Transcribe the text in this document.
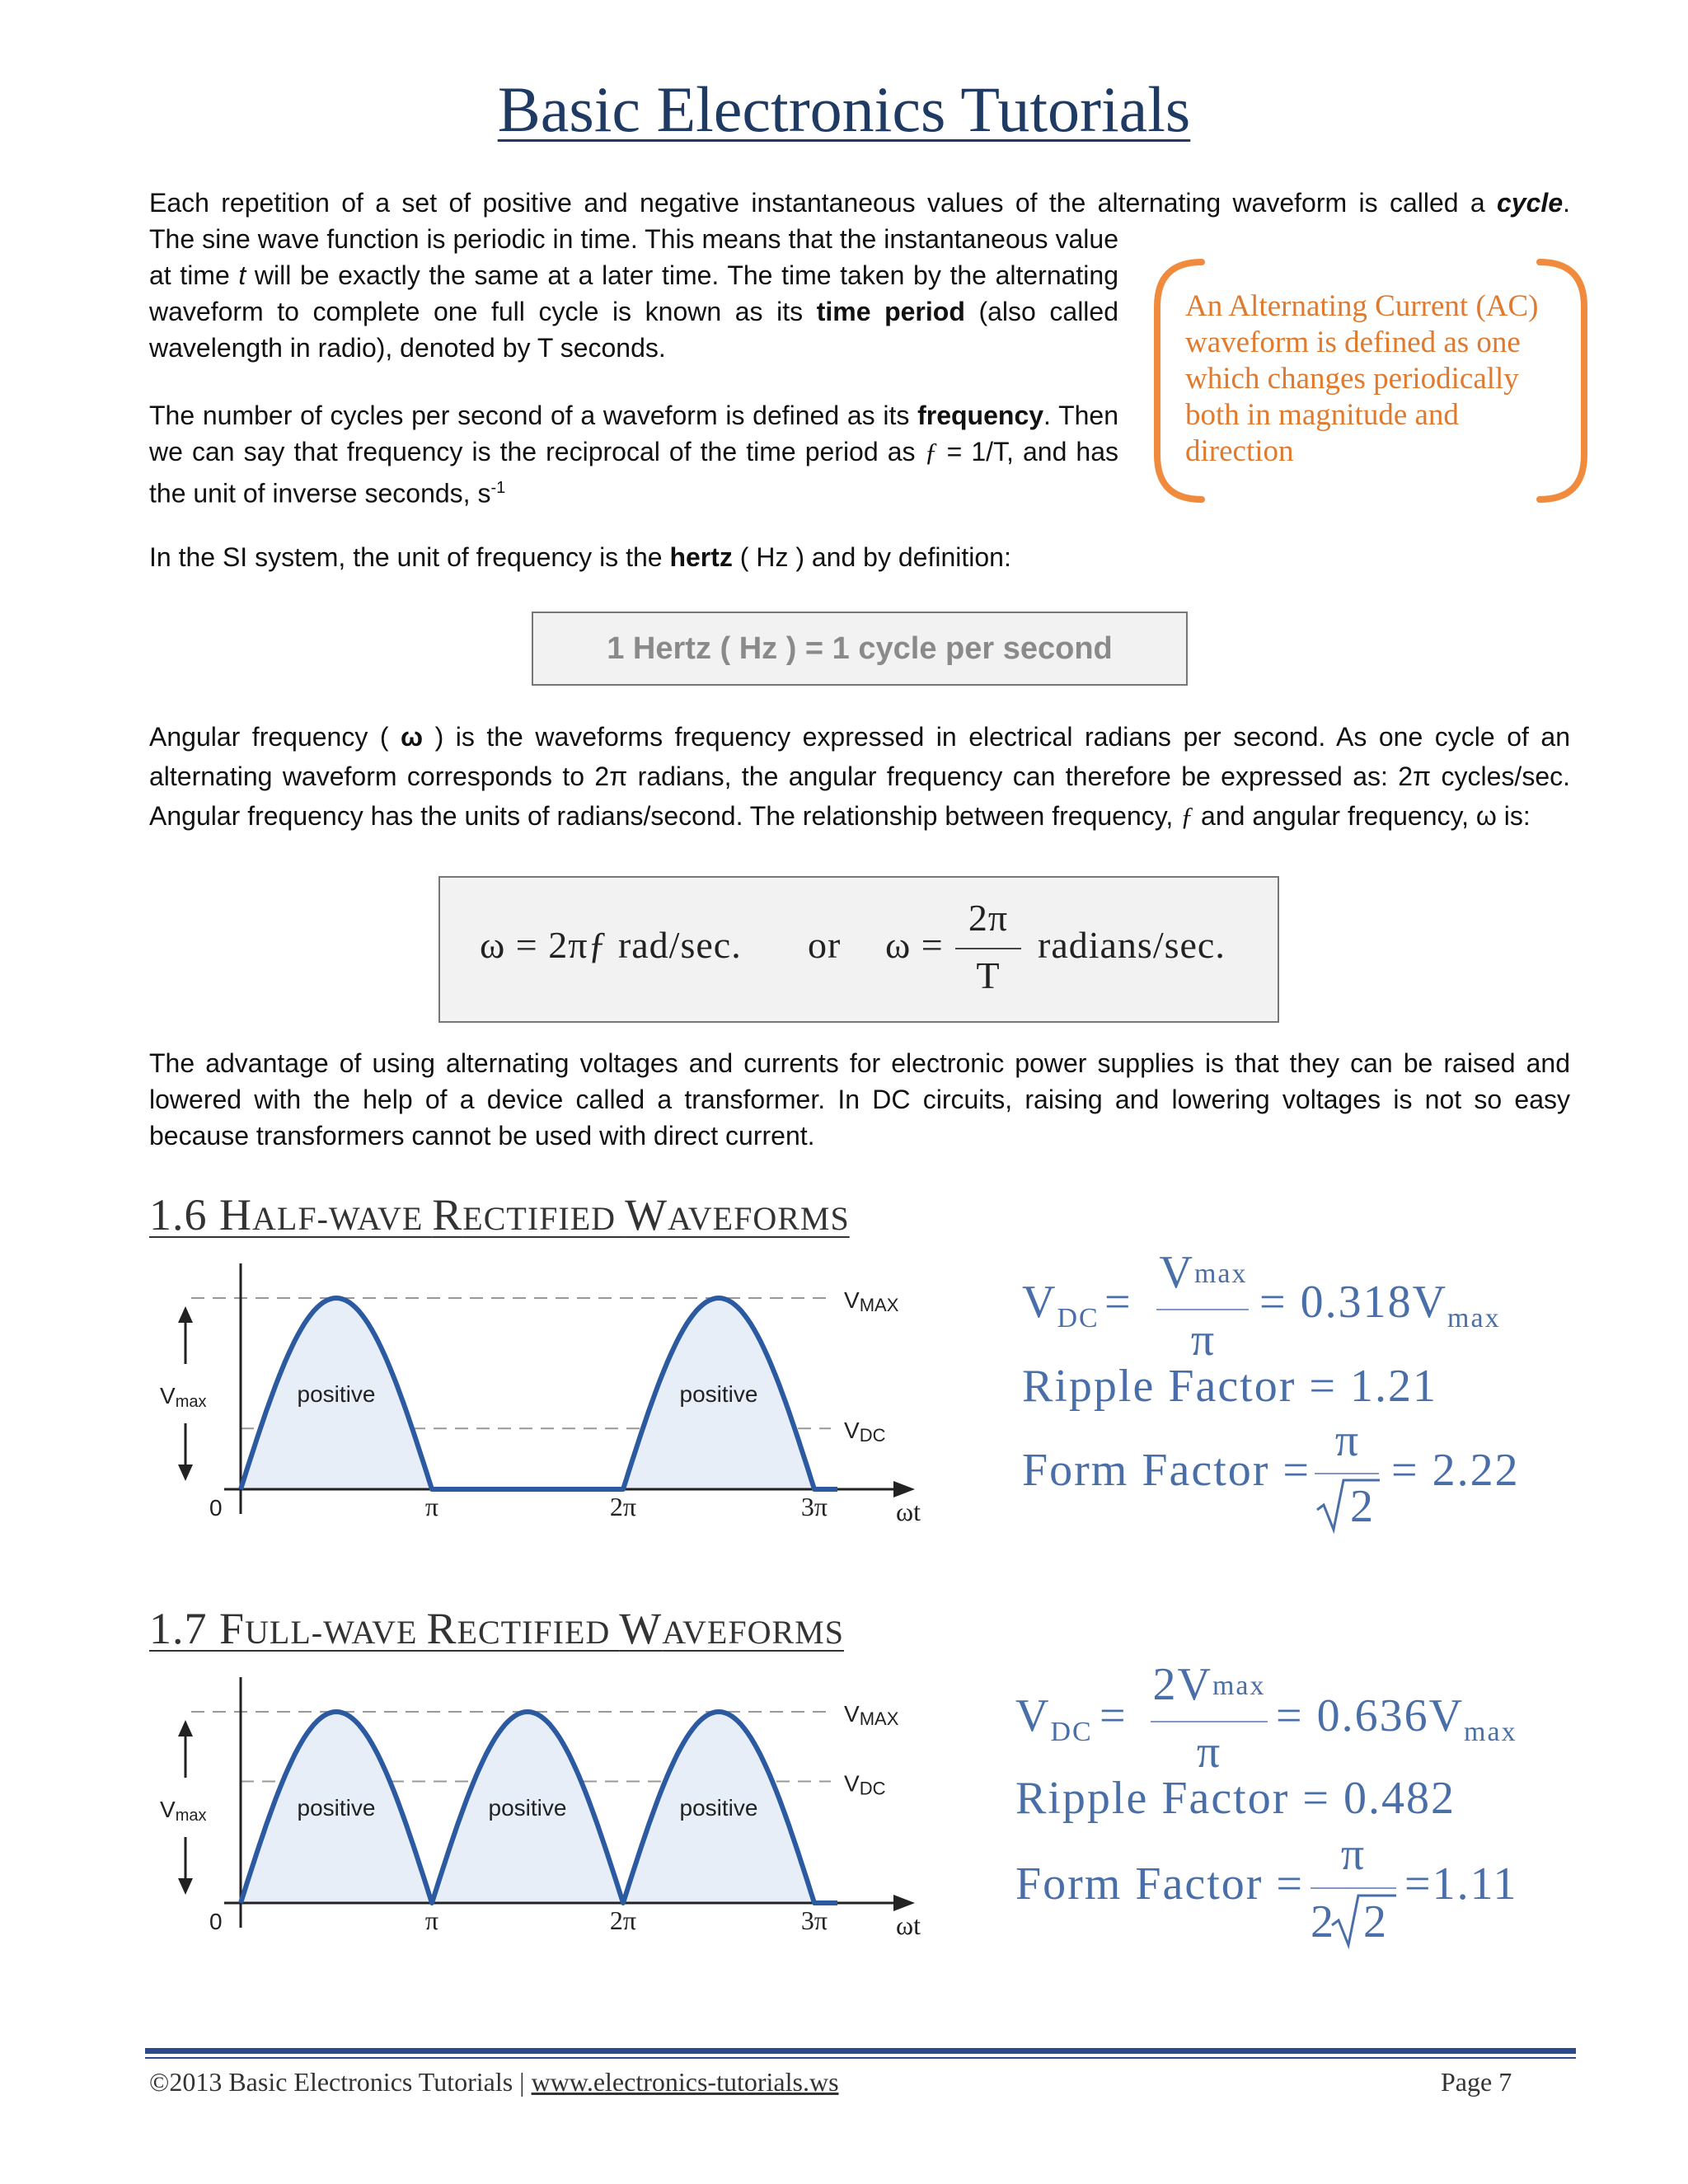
Basic Electronics Tutorials
Each repetition of a set of positive and negative instantaneous values of the alternating waveform is called a cycle.
The sine wave function is periodic in time. This means that the instantaneous value at time t will be exactly the same at a later time. The time taken by the alternating waveform to complete one full cycle is known as its time period (also called wavelength in radio), denoted by T seconds.
The number of cycles per second of a waveform is defined as its frequency. Then we can say that frequency is the reciprocal of the time period as ƒ = 1/T, and has the unit of inverse seconds, $s^{-1}$
In the SI system, the unit of frequency is the hertz ( Hz ) and by definition:
An Alternating Current (AC) waveform is defined as one which changes periodically both in magnitude and direction
1 Hertz ( Hz ) = 1 cycle per second
Angular frequency ( ω ) is the waveforms frequency expressed in electrical radians per second. As one cycle of an alternating waveform corresponds to 2π radians, the angular frequency can therefore be expressed as: 2π cycles/sec. Angular frequency has the units of radians/second. The relationship between frequency, ƒ and angular frequency, ω is:
ω = 2πƒ rad/sec. or ω =
2π
T
radians/sec.
The advantage of using alternating voltages and currents for electronic power supplies is that they can be raised and lowered with the help of a device called a transformer. In DC circuits, raising and lowering voltages is not so easy because transformers cannot be used with direct current.
1.6 HALF-WAVE RECTIFIED WAVEFORMS
positive	positive
Vmax
VMAX
VDC
0	π	2π	3π	ωt
$V_{DC}$ =
$V_{max}$
π
= $0.318V_{max}$
Ripple Factor = 1.21
Form Factor =
π
2
= 2.22
1.7 FULL-WAVE RECTIFIED WAVEFORMS
positive	positive	positive
Vmax
VMAX
VDC
0	π	2π	3π	ωt
$V_{DC}$ =
$2V_{max}$
π
= $0.636V_{max}$
Ripple Factor = 0.482
Form Factor =
π
2 2
=1.11
©2013 Basic Electronics Tutorials | www.electronics-tutorials.ws	Page 7
